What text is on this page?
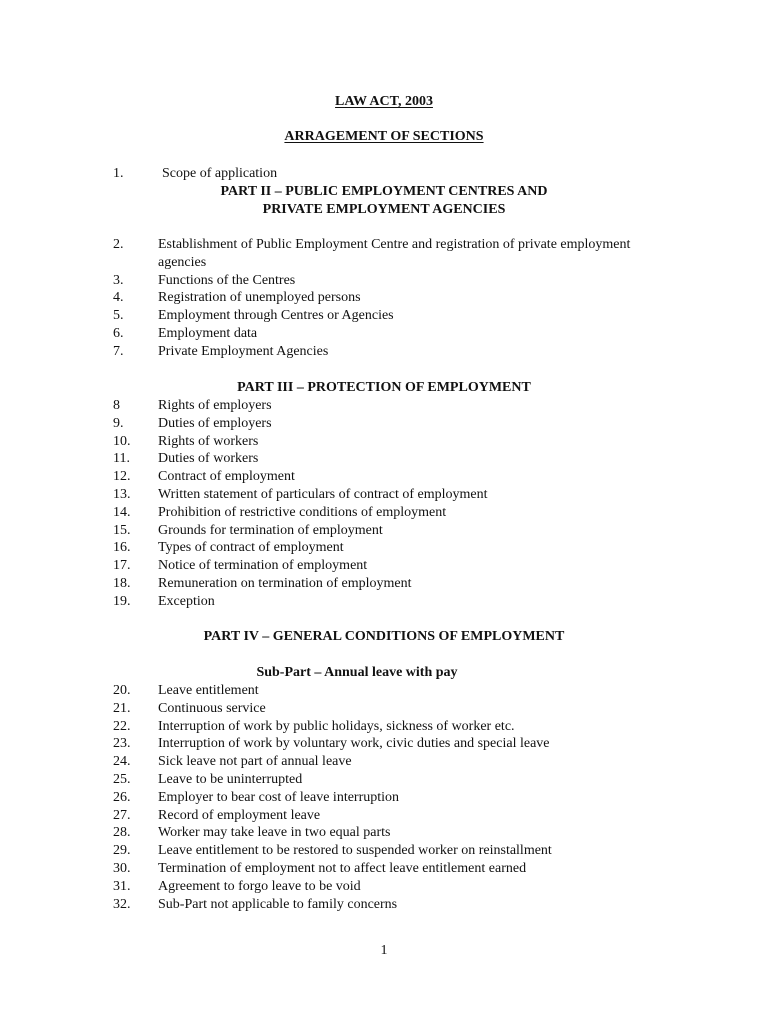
LAW ACT, 2003
ARRAGEMENT OF SECTIONS
1.	Scope of application
PART II – PUBLIC EMPLOYMENT CENTRES AND
PRIVATE EMPLOYMENT AGENCIES
2.	Establishment of Public Employment Centre and registration of private employment agencies
3.	Functions of the Centres
4.	Registration of unemployed persons
5.	Employment through Centres or Agencies
6.	Employment data
7.	Private Employment Agencies
PART III – PROTECTION OF EMPLOYMENT
8	Rights of employers
9.	Duties of employers
10.	Rights of workers
11.	Duties of workers
12.	Contract of employment
13.	Written statement of particulars of contract of employment
14.	Prohibition of restrictive conditions of employment
15.	Grounds for termination of employment
16.	Types of contract of employment
17.	Notice of termination of employment
18.	Remuneration on termination of employment
19.	Exception
PART IV – GENERAL CONDITIONS OF EMPLOYMENT
Sub-Part – Annual leave with pay
20.	Leave entitlement
21.	Continuous service
22.	Interruption of work by public holidays, sickness of worker etc.
23.	Interruption of work by voluntary work, civic duties and special leave
24.	Sick leave not part of annual leave
25.	Leave to be uninterrupted
26.	Employer to bear cost of leave interruption
27.	Record of employment leave
28.	Worker may take leave in two equal parts
29.	Leave entitlement to be restored to suspended worker on reinstallment
30.	Termination of employment not to affect leave entitlement earned
31.	Agreement to forgo leave to be void
32.	Sub-Part not applicable to family concerns
1
